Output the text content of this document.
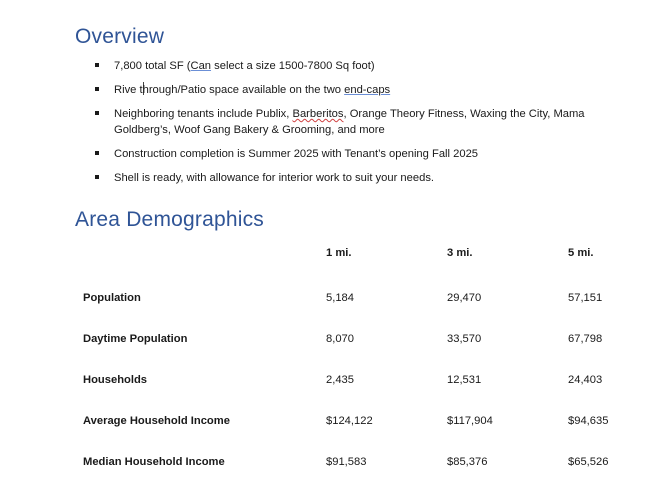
Overview
7,800 total SF (Can select a size 1500-7800 Sq foot)
Rive through/Patio space available on the two end-caps
Neighboring tenants include Publix, Barberitos, Orange Theory Fitness, Waxing the City, Mama Goldberg’s, Woof Gang Bakery & Grooming, and more
Construction completion is Summer 2025 with Tenant’s opening Fall 2025
Shell is ready, with allowance for interior work to suit your needs.
Area Demographics
	1 mi.	3 mi.	5 mi.
Population	5,184	29,470	57,151
Daytime Population	8,070	33,570	67,798
Households	2,435	12,531	24,403
Average Household Income	$124,122	$117,904	$94,635
Median Household Income	$91,583	$85,376	$65,526
